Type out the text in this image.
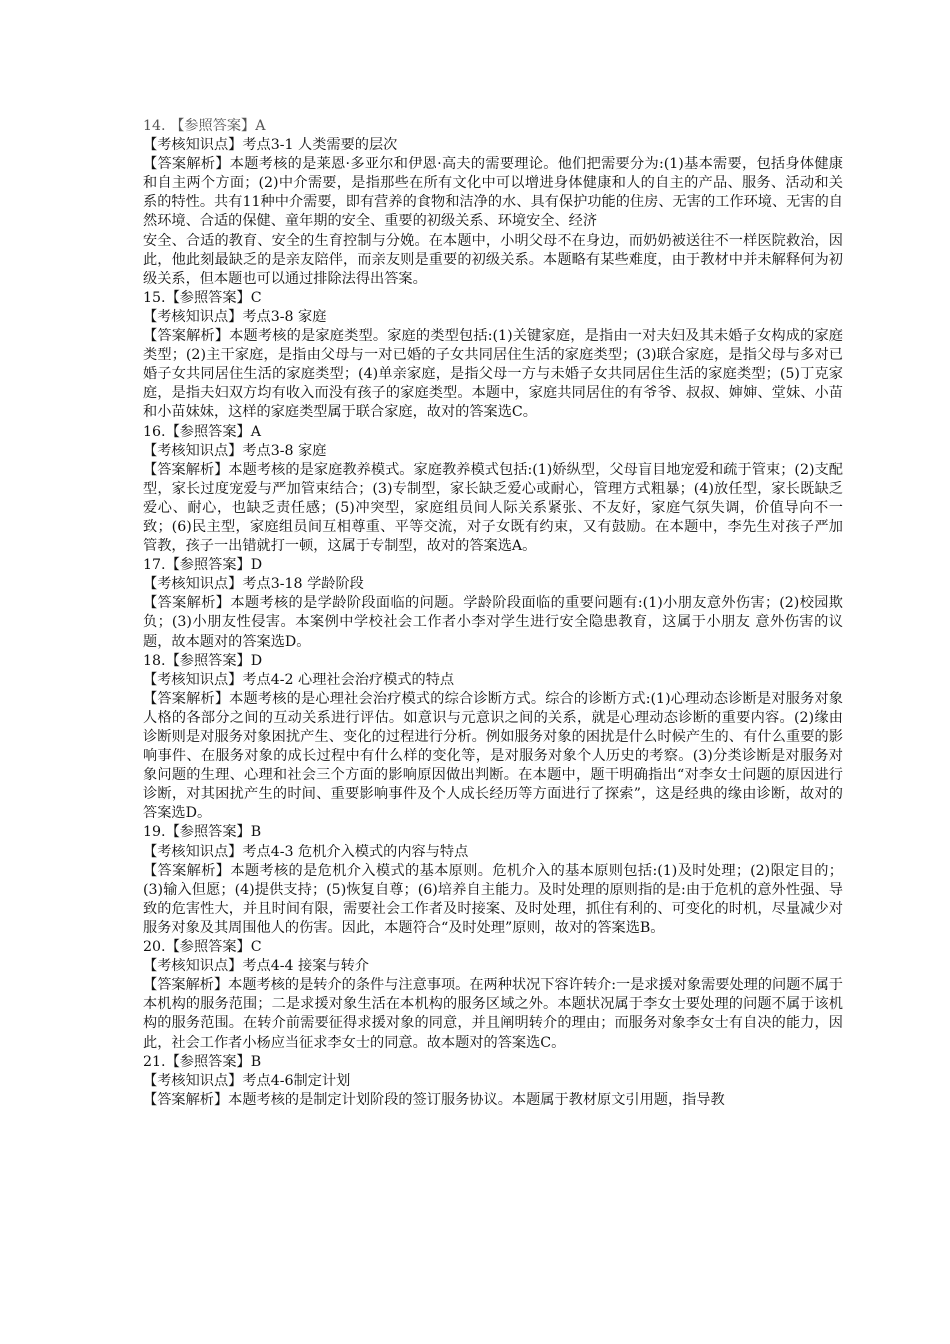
14. 【参照答案】A
【考核知识点】考点3-1 人类需要的层次
【答案解析】本题考核的是莱恩·多亚尔和伊恩·高夫的需要理论。他们把需要分为:(1)基本需要，包括身体健康和自主两个方面；(2)中介需要，是指那些在所有文化中可以增进身体健康和人的自主的产品、服务、活动和关系的特性。共有11种中介需要，即有营养的食物和洁净的水、具有保护功能的住房、无害的工作环境、无害的自然环境、合适的保健、童年期的安全、重要的初级关系、环境安全、经济
安全、合适的教育、安全的生育控制与分娩。在本题中，小明父母不在身边，而奶奶被送往不一样医院救治，因此，他此刻最缺乏的是亲友陪伴，而亲友则是重要的初级关系。本题略有某些难度，由于教材中并未解释何为初级关系，但本题也可以通过排除法得出答案。
15.【参照答案】C
【考核知识点】考点3-8 家庭
【答案解析】本题考核的是家庭类型。家庭的类型包括:(1)关键家庭，是指由一对夫妇及其未婚子女构成的家庭类型；(2)主干家庭，是指由父母与一对已婚的子女共同居住生活的家庭类型；(3)联合家庭，是指父母与多对已婚子女共同居住生活的家庭类型；(4)单亲家庭，是指父母一方与未婚子女共同居住生活的家庭类型；(5)丁克家庭，是指夫妇双方均有收入而没有孩子的家庭类型。本题中，家庭共同居住的有爷爷、叔叔、婶婶、堂妹、小苗和小苗妹妹，这样的家庭类型属于联合家庭，故对的答案选C。
16.【参照答案】A
【考核知识点】考点3-8 家庭
【答案解析】本题考核的是家庭教养模式。家庭教养模式包括:(1)娇纵型，父母盲目地宠爱和疏于管束；(2)支配型，家长过度宠爱与严加管束结合；(3)专制型，家长缺乏爱心或耐心，管理方式粗暴；(4)放任型，家长既缺乏爱心、耐心，也缺乏责任感；(5)冲突型，家庭组员间人际关系紧张、不友好，家庭气氛失调，价值导向不一致；(6)民主型，家庭组员间互相尊重、平等交流，对子女既有约束，又有鼓励。在本题中，李先生对孩子严加管教，孩子一出错就打一顿，这属于专制型，故对的答案选A。
17.【参照答案】D
【考核知识点】考点3-18 学龄阶段
【答案解析】本题考核的是学龄阶段面临的问题。学龄阶段面临的重要问题有:(1)小朋友意外伤害；(2)校园欺负；(3)小朋友性侵害。本案例中学校社会工作者小李对学生进行安全隐患教育，这属于小朋友 意外伤害的议题，故本题对的答案选D。
18.【参照答案】D
【考核知识点】考点4-2 心理社会治疗模式的特点
【答案解析】本题考核的是心理社会治疗模式的综合诊断方式。综合的诊断方式:(1)心理动态诊断是对服务对象人格的各部分之间的互动关系进行评估。如意识与元意识之间的关系，就是心理动态诊断的重要内容。(2)缘由诊断则是对服务对象困扰产生、变化的过程进行分析。例如服务对象的困扰是什么时候产生的、有什么重要的影响事件、在服务对象的成长过程中有什么样的变化等，是对服务对象个人历史的考察。(3)分类诊断是对服务对象问题的生理、心理和社会三个方面的影响原因做出判断。在本题中，题干明确指出“对李女士问题的原因进行诊断，对其困扰产生的时间、重要影响事件及个人成长经历等方面进行了探索”，这是经典的缘由诊断，故对的答案选D。
19.【参照答案】B
【考核知识点】考点4-3 危机介入模式的内容与特点
【答案解析】本题考核的是危机介入模式的基本原则。危机介入的基本原则包括:(1)及时处理；(2)限定目的；(3)输入但愿；(4)提供支持；(5)恢复自尊；(6)培养自主能力。及时处理的原则指的是:由于危机的意外性强、导致的危害性大，并且时间有限，需要社会工作者及时接案、及时处理，抓住有利的、可变化的时机，尽量减少对服务对象及其周围他人的伤害。因此，本题符合“及时处理”原则，故对的答案选B。
20.【参照答案】C
【考核知识点】考点4-4 接案与转介
【答案解析】本题考核的是转介的条件与注意事项。在两种状况下容许转介:一是求援对象需要处理的问题不属于本机构的服务范围；二是求援对象生活在本机构的服务区域之外。本题状况属于李女士要处理的问题不属于该机构的服务范围。在转介前需要征得求援对象的同意，并且阐明转介的理由；而服务对象李女士有自决的能力，因此，社会工作者小杨应当征求李女士的同意。故本题对的答案选C。
21.【参照答案】B
【考核知识点】考点4-6制定计划
【答案解析】本题考核的是制定计划阶段的签订服务协议。本题属于教材原文引用题，指导教
